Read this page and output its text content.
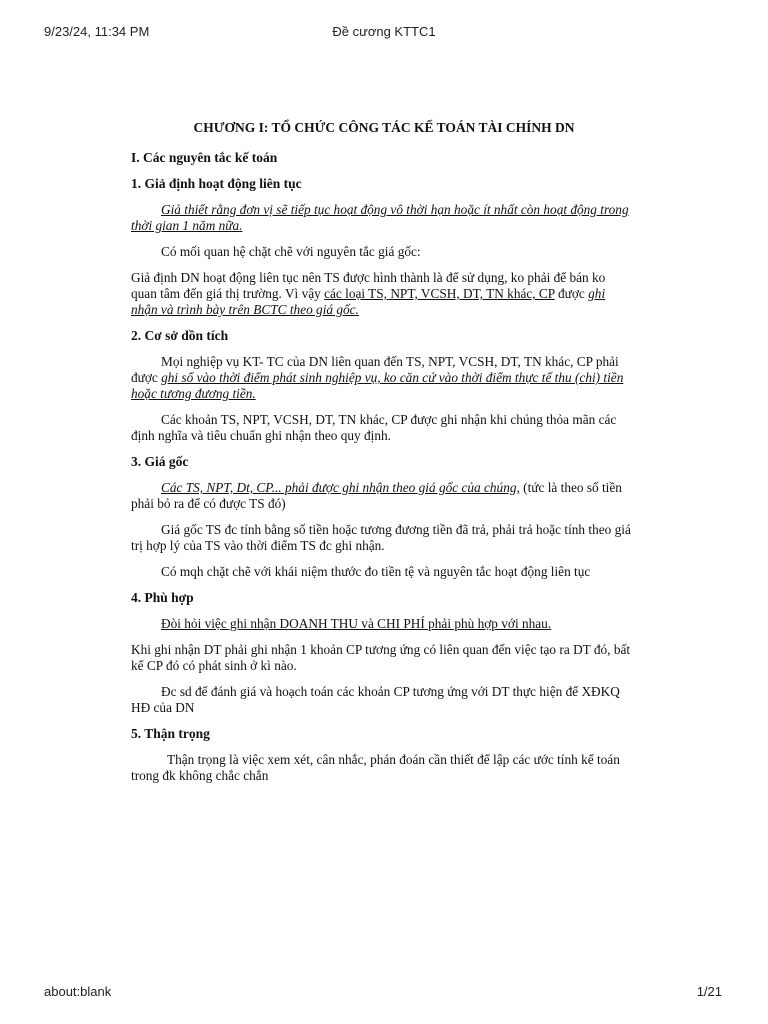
Đề cương KTTC1
9/23/24, 11:34 PM
CHƯƠNG I: TỔ CHỨC CÔNG TÁC KẾ TOÁN TÀI CHÍNH DN
I. Các nguyên tắc kế toán
1. Giả định hoạt động liên tục

Giả thiết rằng đơn vị sẽ tiếp tục hoạt động vô thời hạn hoặc ít nhất còn hoạt động trong thời gian 1 năm nữa.

Có mối quan hệ chặt chẽ với nguyên tắc giá gốc:

Giả định DN hoạt động liên tục nên TS được hình thành là để sử dụng, ko phải để bán ko quan tâm đến giá thị trường. Vì vậy các loại TS, NPT, VCSH, DT, TN khác, CP được ghi nhận và trình bày trên BCTC theo giá gốc.

2. Cơ sở dồn tích

Mọi nghiệp vụ KT- TC của DN liên quan đến TS, NPT, VCSH, DT, TN khác, CP phải được ghi sổ vào thời điểm phát sinh nghiệp vụ, ko căn cứ vào thời điểm thực tế thu (chi) tiền hoặc tương đương tiền.

Các khoản TS, NPT, VCSH, DT, TN khác, CP được ghi nhận khi chúng thỏa mãn các định nghĩa và tiêu chuẩn ghi nhận theo quy định.

3. Giá gốc

Các TS, NPT, Dt, CP... phải được ghi nhận theo giá gốc của chúng, (tức là theo số tiền phải bỏ ra để có được TS đó)

Giá gốc TS đc tính bằng số tiền hoặc tương đương tiền đã trả, phải trả hoặc tính theo giá trị hợp lý của TS vào thời điểm TS đc ghi nhận.

Có mqh chặt chẽ với khái niệm thước đo tiền tệ và nguyên tắc hoạt động liên tục

4. Phù hợp

Đòi hỏi việc ghi nhận DOANH THU và CHI PHÍ phải phù hợp với nhau.

Khi ghi nhận DT phải ghi nhận 1 khoản CP tương ứng có liên quan đến việc tạo ra DT đó, bất kể CP đó có phát sinh ở kì nào.

Đc sd để đánh giá và hoạch toán các khoản CP tương ứng với DT thực hiện để XĐKQ HĐ của DN

5. Thận trọng

Thận trọng là việc xem xét, cân nhắc, phán đoán cần thiết để lập các ước tính kế toán trong đk không chắc chắn

about:blank	1/21
